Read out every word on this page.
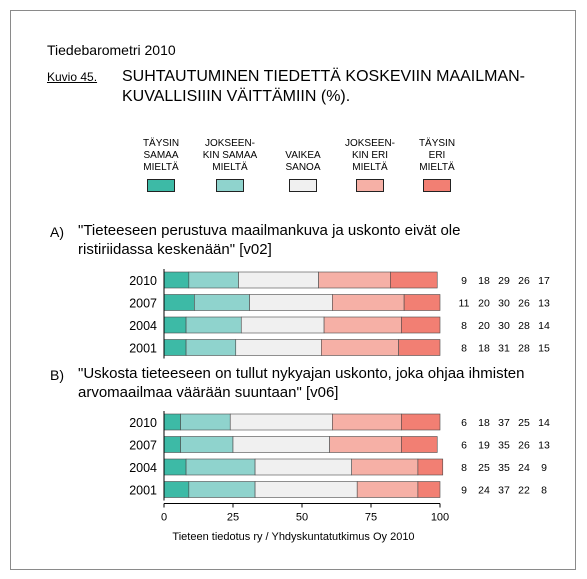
Tiedebarometri 2010
Kuvio 45. SUHTAUTUMINEN TIEDETTÄ KOSKEVIIN MAAILMAN-KUVALLISIIIN VÄITTÄMIIN (%).
TÄYSIN
SAMAA
MIELTÄ
JOKSEEN-
KIN SAMAA
MIELTÄ
VAIKEA
SANOA
JOKSEEN-
KIN ERI
MIELTÄ
TÄYSIN
ERI
MIELTÄ
A) "Tieteeseen perustuva maailmankuva ja uskonto eivät ole ristiriidassa keskenään" [v02]
B) "Uskosta tieteeseen on tullut nykyajan uskonto, joka ohjaa ihmisten arvomaailmaa väärään suuntaan" [v06]
2010	9 18 29 26 17
2007	11 20 30 26 13
2004	8 20 30 28 14
2001	8 18 31 28 15
2010	6 18 37 25 14
2007	6 19 35 26 13
2004	8 25 35 24 9
2001	9 24 37 22 8
0	25	50	75	100
Tieteen tiedotus ry / Yhdyskuntatutkimus Oy 2010
